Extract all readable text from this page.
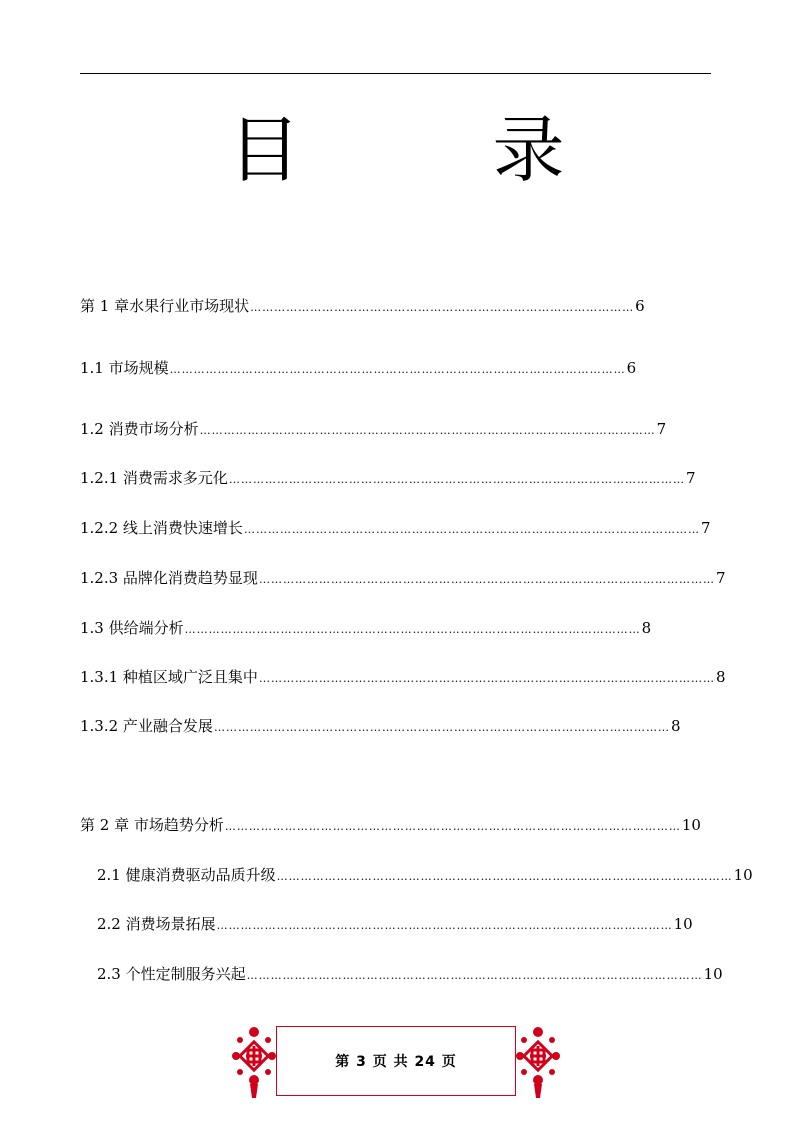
目　录
第 1 章水果行业市场现状 …………………………………………………………………………………… 6
1.1 市场规模 …………………………………………………………………………………………………… 6
1.2 消费市场分析 …………………………………………………………………………………………………… 7
1.2.1 消费需求多元化 …………………………………………………………………………………………………… 7
1.2.2 线上消费快速增长 …………………………………………………………………………………………………… 7
1.2.3 品牌化消费趋势显现 …………………………………………………………………………………………………… 7
1.3 供给端分析 …………………………………………………………………………………………………… 8
1.3.1 种植区域广泛且集中 …………………………………………………………………………………………………… 8
1.3.2 产业融合发展 …………………………………………………………………………………………………… 8
第 2 章 市场趋势分析 …………………………………………………………………………………………………… 10
2.1 健康消费驱动品质升级 …………………………………………………………………………………………………… 10
2.2 消费场景拓展 …………………………………………………………………………………………………… 10
2.3 个性定制服务兴起 …………………………………………………………………………………………………… 10
第 3 页 共 24 页
